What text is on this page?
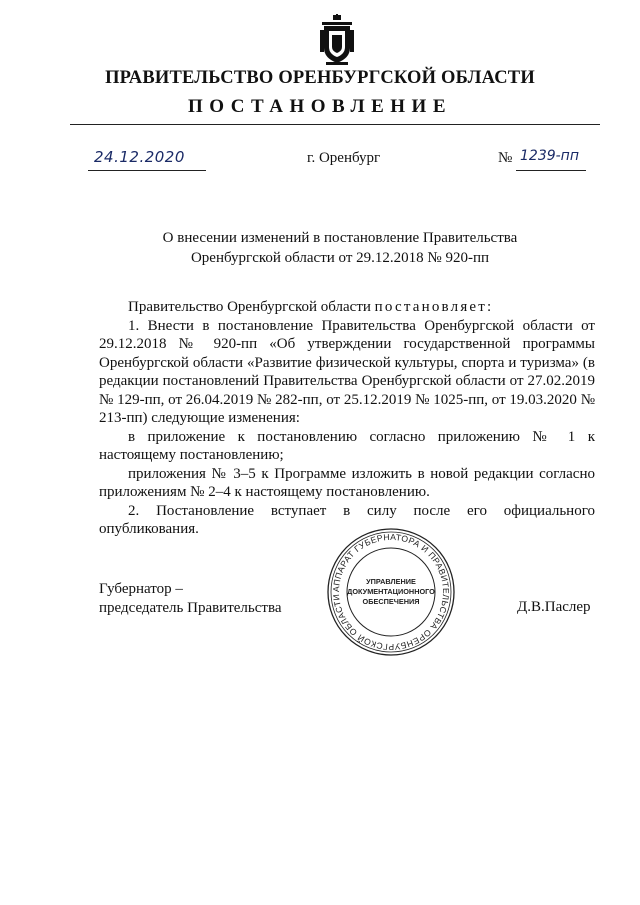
ПРАВИТЕЛЬСТВО ОРЕНБУРГСКОЙ ОБЛАСТИ
ПОСТАНОВЛЕНИЕ
24.12.2020	г. Оренбург	№ 1239-пп
О внесении изменений в постановление Правительства
Оренбургской области от 29.12.2018 № 920-пп

Правительство Оренбургской области постановляет:

1. Внести в постановление Правительства Оренбургской области от 29.12.2018 № 920-пп «Об утверждении государственной программы Оренбургской области «Развитие физической культуры, спорта и туризма» (в редакции постановлений Правительства Оренбургской области от 27.02.2019 № 129-пп, от 26.04.2019 № 282-пп, от 25.12.2019 № 1025-пп, от 19.03.2020 № 213-пп) следующие изменения:

в приложение к постановлению согласно приложению № 1 к настоящему постановлению;

приложения № 3–5 к Программе изложить в новой редакции согласно приложениям № 2–4 к настоящему постановлению.

2. Постановление вступает в силу после его официального опубликования.

Губернатор –
председатель Правительства	Д.В.Паслер
АППАРАТ ГУБЕРНАТОРА И ПРАВИТЕЛЬСТВА ОРЕНБУРГСКОЙ ОБЛАСТИ
УПРАВЛЕНИЕ
ДОКУМЕНТАЦИОННОГО
ОБЕСПЕЧЕНИЯ
